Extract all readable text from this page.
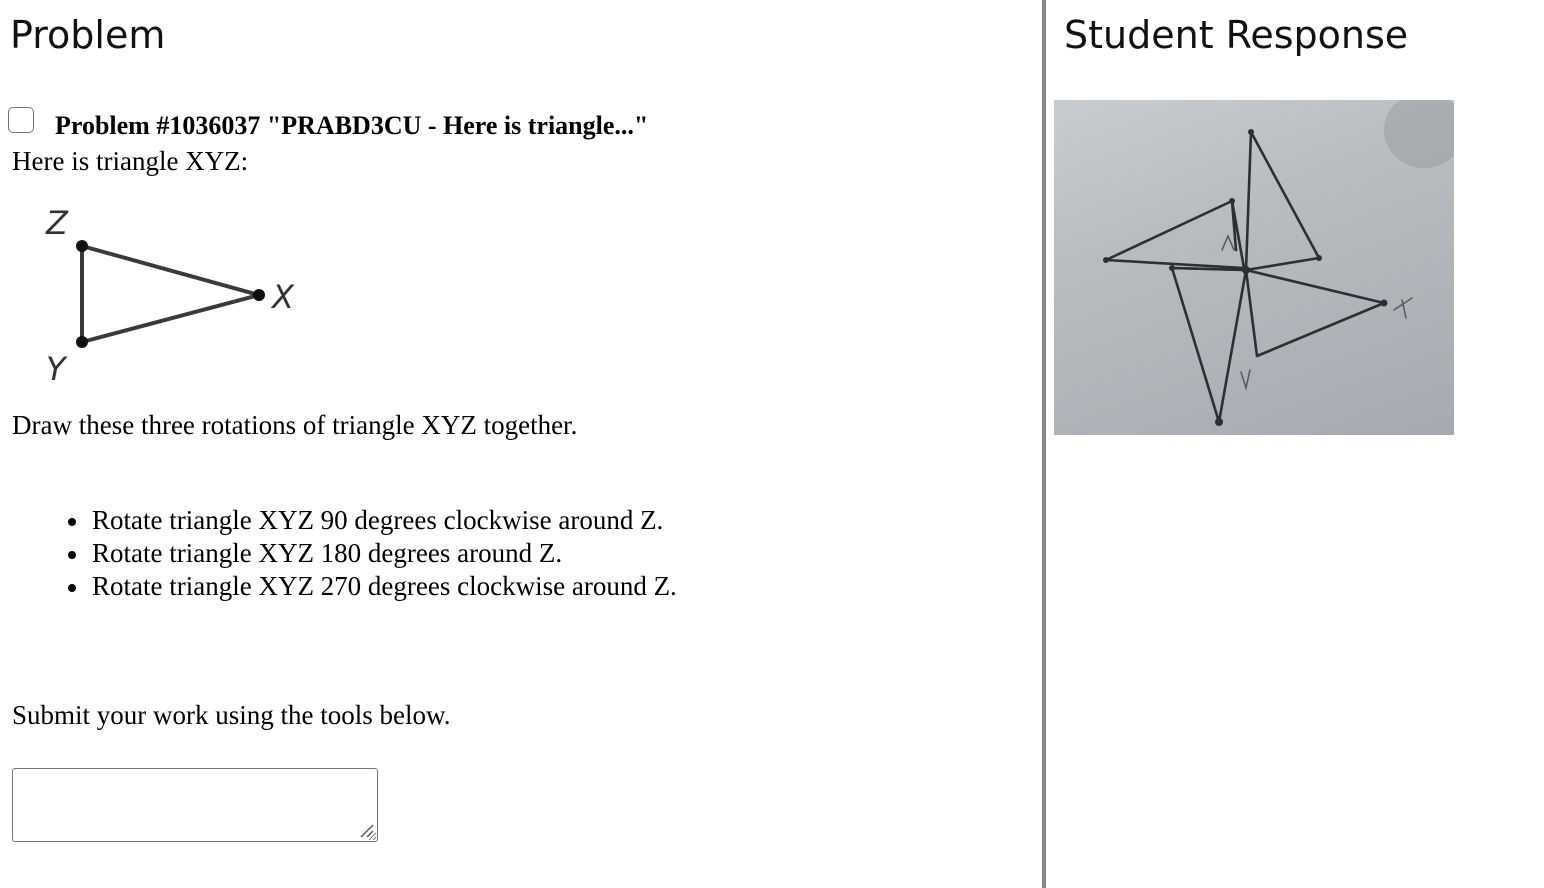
Problem
Problem #1036037 "PRABD3CU - Here is triangle..."
Here is triangle XYZ:
Z
X
Y
Draw these three rotations of triangle XYZ together.
Rotate triangle XYZ 90 degrees clockwise around Z.
Rotate triangle XYZ 180 degrees around Z.
Rotate triangle XYZ 270 degrees clockwise around Z.
Submit your work using the tools below.
Student Response
